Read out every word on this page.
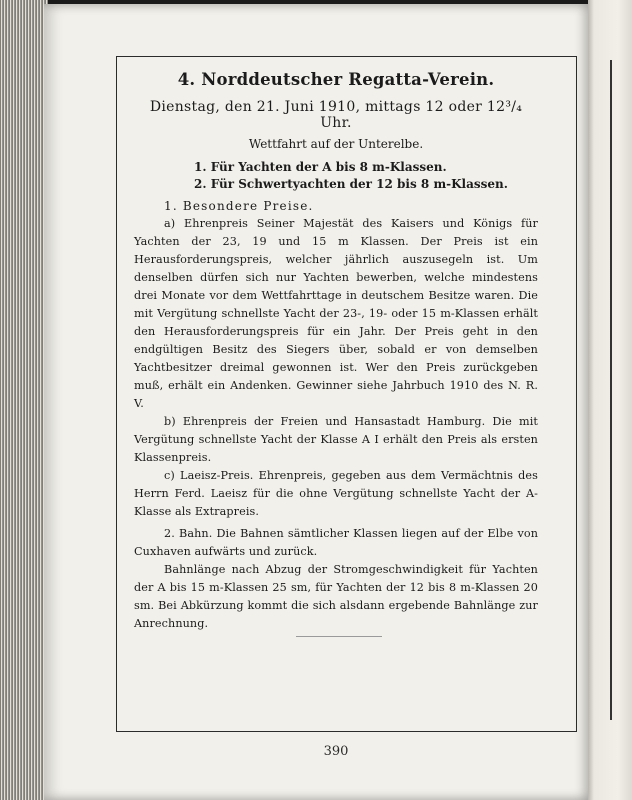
4. Norddeutscher Regatta-Verein.
Dienstag, den 21. Juni 1910, mittags 12 oder 12³/₄ Uhr.
Wettfahrt auf der Unterelbe.
1. Für Yachten der A bis 8 m-Klassen.
2. Für Schwertyachten der 12 bis 8 m-Klassen.
1. Besondere Preise.

a) Ehrenpreis Seiner Majestät des Kaisers und Königs für Yachten der 23, 19 und 15 m Klassen. Der Preis ist ein Herausforderungspreis, welcher jährlich auszusegeln ist. Um denselben dürfen sich nur Yachten bewerben, welche mindestens drei Monate vor dem Wettfahrttage in deutschem Besitze waren. Die mit Vergütung schnellste Yacht der 23-, 19- oder 15 m-Klassen erhält den Herausforderungspreis für ein Jahr. Der Preis geht in den endgültigen Besitz des Siegers über, sobald er von demselben Yachtbesitzer dreimal gewonnen ist. Wer den Preis zurückgeben muß, erhält ein Andenken. Gewinner siehe Jahrbuch 1910 des N. R. V.

b) Ehrenpreis der Freien und Hansastadt Hamburg. Die mit Vergütung schnellste Yacht der Klasse A I erhält den Preis als ersten Klassenpreis.

c) Laeisz-Preis. Ehrenpreis, gegeben aus dem Vermächtnis des Herrn Ferd. Laeisz für die ohne Vergütung schnellste Yacht der A-Klasse als Extrapreis.

2. Bahn. Die Bahnen sämtlicher Klassen liegen auf der Elbe von Cuxhaven aufwärts und zurück.

Bahnlänge nach Abzug der Stromgeschwindigkeit für Yachten der A bis 15 m-Klassen 25 sm, für Yachten der 12 bis 8 m-Klassen 20 sm. Bei Abkürzung kommt die sich alsdann ergebende Bahnlänge zur Anrechnung.

390
